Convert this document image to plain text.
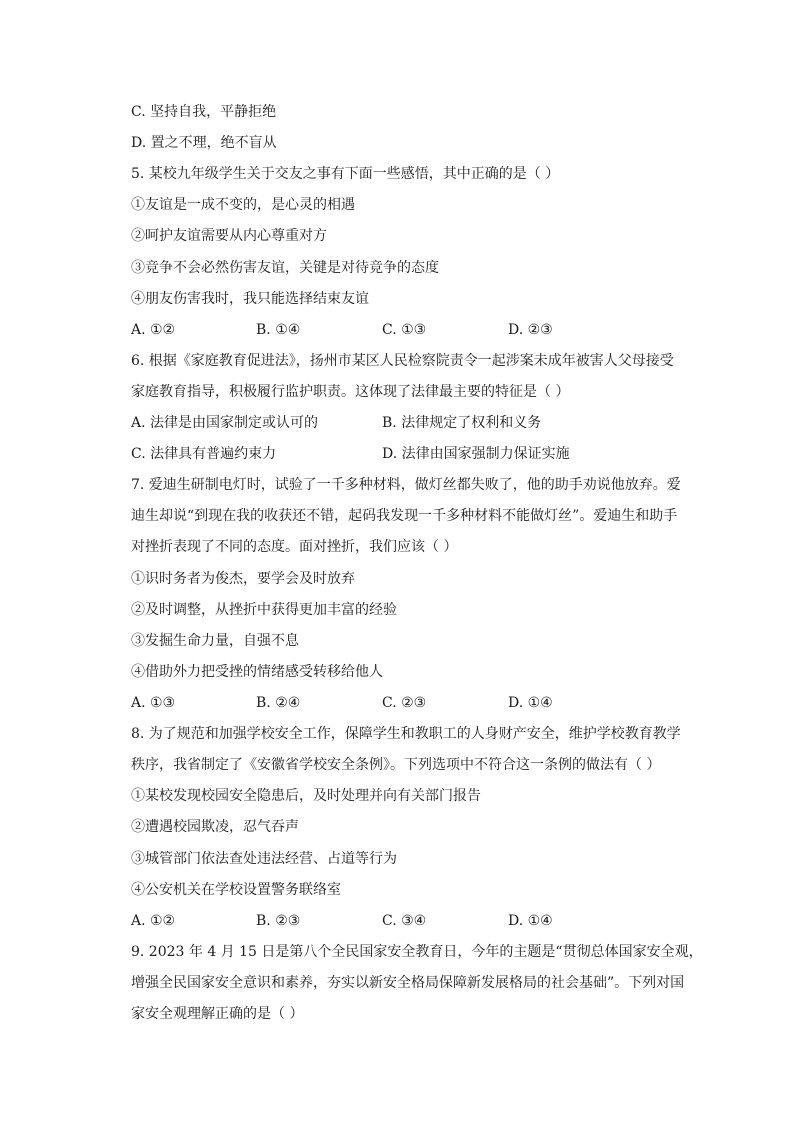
C. 坚持自我，平静拒绝
D. 置之不理，绝不盲从
5. 某校九年级学生关于交友之事有下面一些感悟，其中正确的是（ ）
①友谊是一成不变的，是心灵的相遇
②呵护友谊需要从内心尊重对方
③竞争不会必然伤害友谊，关键是对待竞争的态度
④朋友伤害我时，我只能选择结束友谊
A. ①②	B. ①④	C. ①③	D. ②③
6. 根据《家庭教育促进法》，扬州市某区人民检察院责令一起涉案未成年被害人父母接受
家庭教育指导，积极履行监护职责。这体现了法律最主要的特征是（ ）
A. 法律是由国家制定或认可的	B. 法律规定了权利和义务
C. 法律具有普遍约束力	D. 法律由国家强制力保证实施
7. 爱迪生研制电灯时，试验了一千多种材料，做灯丝都失败了，他的助手劝说他放弃。爱
迪生却说“到现在我的收获还不错，起码我发现一千多种材料不能做灯丝”。爱迪生和助手
对挫折表现了不同的态度。面对挫折，我们应该（ ）
①识时务者为俊杰，要学会及时放弃
②及时调整，从挫折中获得更加丰富的经验
③发掘生命力量，自强不息
④借助外力把受挫的情绪感受转移给他人
A. ①③	B. ②④	C. ②③	D. ①④
8. 为了规范和加强学校安全工作，保障学生和教职工的人身财产安全，维护学校教育教学
秩序，我省制定了《安徽省学校安全条例》。下列选项中不符合这一条例的做法有（ ）
①某校发现校园安全隐患后，及时处理并向有关部门报告
②遭遇校园欺凌，忍气吞声
③城管部门依法查处违法经营、占道等行为
④公安机关在学校设置警务联络室
A. ①②	B. ②③	C. ③④	D. ①④
9. 2023 年 4 月 15 日是第八个全民国家安全教育日，今年的主题是“贯彻总体国家安全观，
增强全民国家安全意识和素养，夯实以新安全格局保障新发展格局的社会基础”。下列对国
家安全观理解正确的是（ ）
